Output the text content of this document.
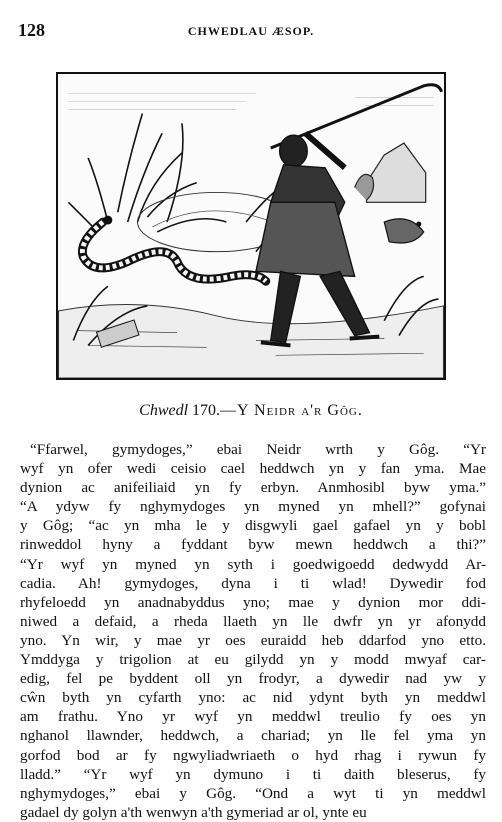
128	CHWEDLAU ÆSOP.
Chwedl 170.—Y Neidr a'r Gôg.
“Ffarwel, gymydoges,” ebai Neidr wrth y Gôg. “Yr
wyf yn ofer wedi ceisio cael heddwch yn y fan yma. Mae
dynion ac anifeiliaid yn fy erbyn. Anmhosibl byw yma.”
“A ydyw fy nghymydoges yn myned yn mhell?” gofynai
y Gôg; “ac yn mha le y disgwyli gael gafael yn y bobl
rinweddol hyny a fyddant byw mewn heddwch a thi?”
“Yr wyf yn myned yn syth i goedwigoedd dedwydd Ar-
cadia. Ah! gymydoges, dyna i ti wlad! Dywedir fod
rhyfeloedd yn anadnabyddus yno; mae y dynion mor ddi-
niwed a defaid, a rheda llaeth yn lle dwfr yn yr afonydd
yno. Yn wir, y mae yr oes euraidd heb ddarfod yno etto.
Ymddyga y trigolion at eu gilydd yn y modd mwyaf car-
edig, fel pe byddent oll yn frodyr, a dywedir nad yw y
cŵn byth yn cyfarth yno: ac nid ydynt byth yn meddwl
am frathu. Yno yr wyf yn meddwl treulio fy oes yn
nghanol llawnder, heddwch, a chariad; yn lle fel yma yn
gorfod bod ar fy ngwyliadwriaeth o hyd rhag i rywun fy
lladd.” “Yr wyf yn dymuno i ti daith bleserus, fy
nghymydoges,” ebai y Gôg. “Ond a wyt ti yn meddwl
gadael dy golyn a'th wenwyn a'th gymeriad ar ol, ynte eu
